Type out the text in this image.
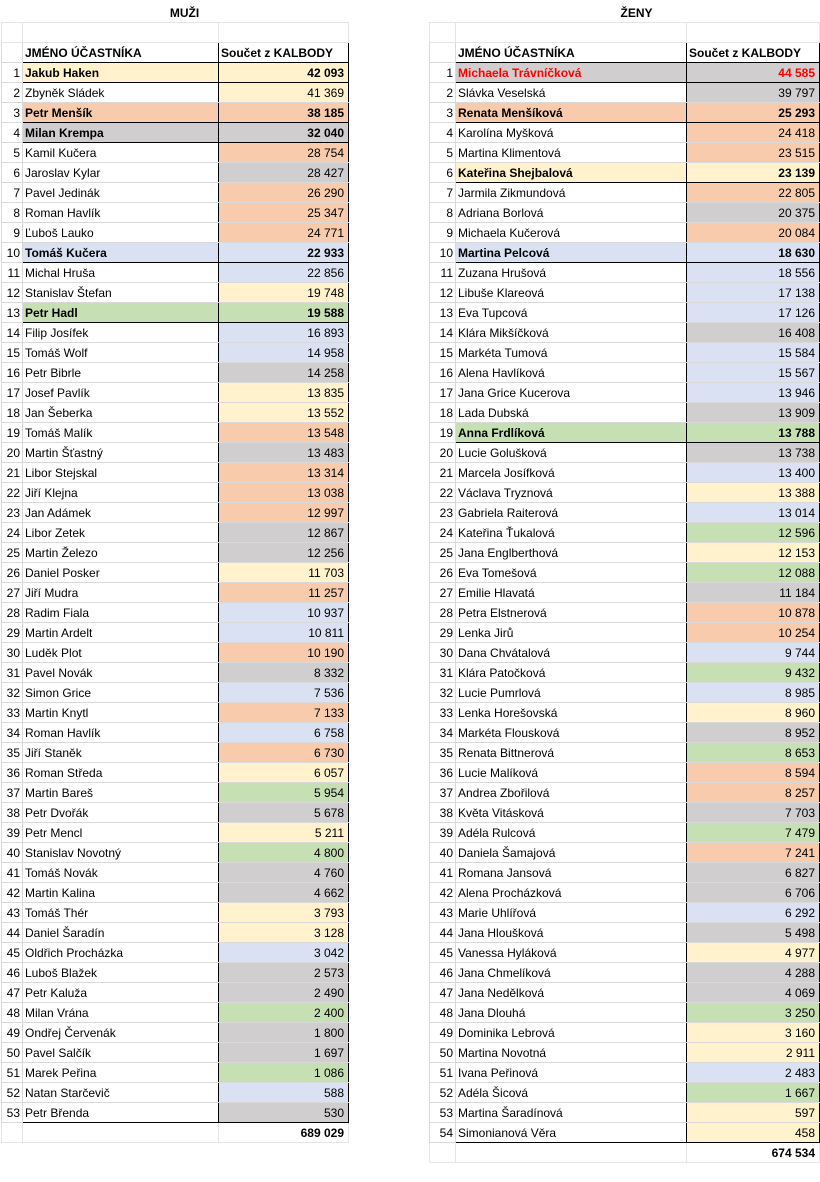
MUŽI	ŽENY

	JMÉNO ÚČASTNÍKA	Součet z KALBODY
1	Jakub Haken	42 093
2	Zbyněk Sládek	41 369
3	Petr Menšík	38 185
4	Milan Krempa	32 040
5	Kamil Kučera	28 754
6	Jaroslav Kylar	28 427
7	Pavel Jedinák	26 290
8	Roman Havlík	25 347
9	Ľuboš Lauko	24 771
10	Tomáš Kučera	22 933
11	Michal Hruša	22 856
12	Stanislav Štefan	19 748
13	Petr Hadl	19 588
14	Filip Josífek	16 893
15	Tomáš Wolf	14 958
16	Petr Bibrle	14 258
17	Josef Pavlík	13 835
18	Jan Šeberka	13 552
19	Tomáš Malík	13 548
20	Martin Šťastný	13 483
21	Libor Stejskal	13 314
22	Jiří Klejna	13 038
23	Jan Adámek	12 997
24	Libor Zetek	12 867
25	Martin Železo	12 256
26	Daniel Posker	11 703
27	Jiří Mudra	11 257
28	Radim Fiala	10 937
29	Martin Ardelt	10 811
30	Luděk Plot	10 190
31	Pavel Novák	8 332
32	Simon Grice	7 536
33	Martin Knytl	7 133
34	Roman Havlík	6 758
35	Jiří Staněk	6 730
36	Roman Středa	6 057
37	Martin Bareš	5 954
38	Petr Dvořák	5 678
39	Petr Mencl	5 211
40	Stanislav Novotný	4 800
41	Tomáš Novák	4 760
42	Martin Kalina	4 662
43	Tomáš Thér	3 793
44	Daniel Šaradín	3 128
45	Oldřich Procházka	3 042
46	Luboš Blažek	2 573
47	Petr Kaluža	2 490
48	Milan Vrána	2 400
49	Ondřej Červenák	1 800
50	Pavel Salčík	1 697
51	Marek Peřina	1 086
52	Natan Starčevič	588
53	Petr Břenda	530
		689 029

	JMÉNO ÚČASTNÍKA	Součet z KALBODY
1	Michaela Trávníčková	44 585
2	Slávka Veselská	39 797
3	Renata Menšíková	25 293
4	Karolína Myšková	24 418
5	Martina Klimentová	23 515
6	Kateřina Shejbalová	23 139
7	Jarmila Zikmundová	22 805
8	Adriana Borlová	20 375
9	Michaela Kučerová	20 084
10	Martina Pelcová	18 630
11	Zuzana Hrušová	18 556
12	Libuše Klareová	17 138
13	Eva Tupcová	17 126
14	Klára Mikšíčková	16 408
15	Markéta Tumová	15 584
16	Alena Havlíková	15 567
17	Jana Grice Kucerova	13 946
18	Lada Dubská	13 909
19	Anna Frdlíková	13 788
20	Lucie Golušková	13 738
21	Marcela Josífková	13 400
22	Václava Tryznová	13 388
23	Gabriela Raiterová	13 014
24	Kateřina Ťukalová	12 596
25	Jana Englberthová	12 153
26	Eva Tomešová	12 088
27	Emilie Hlavatá	11 184
28	Petra Elstnerová	10 878
29	Lenka Jirů	10 254
30	Dana Chvátalová	9 744
31	Klára Patočková	9 432
32	Lucie Pumrlová	8 985
33	Lenka Horešovská	8 960
34	Markéta Flousková	8 952
35	Renata Bittnerová	8 653
36	Lucie Malíková	8 594
37	Andrea Zbořilová	8 257
38	Květa Vitásková	7 703
39	Adéla Rulcová	7 479
40	Daniela Šamajová	7 241
41	Romana Jansová	6 827
42	Alena Procházková	6 706
43	Marie Uhlířová	6 292
44	Jana Hloušková	5 498
45	Vanessa Hyláková	4 977
46	Jana Chmelíková	4 288
47	Jana Nedělková	4 069
48	Jana Dlouhá	3 250
49	Dominika Lebrová	3 160
50	Martina Novotná	2 911
51	Ivana Peřinová	2 483
52	Adéla Šicová	1 667
53	Martina Šaradínová	597
54	Simonianová Věra	458
		674 534
